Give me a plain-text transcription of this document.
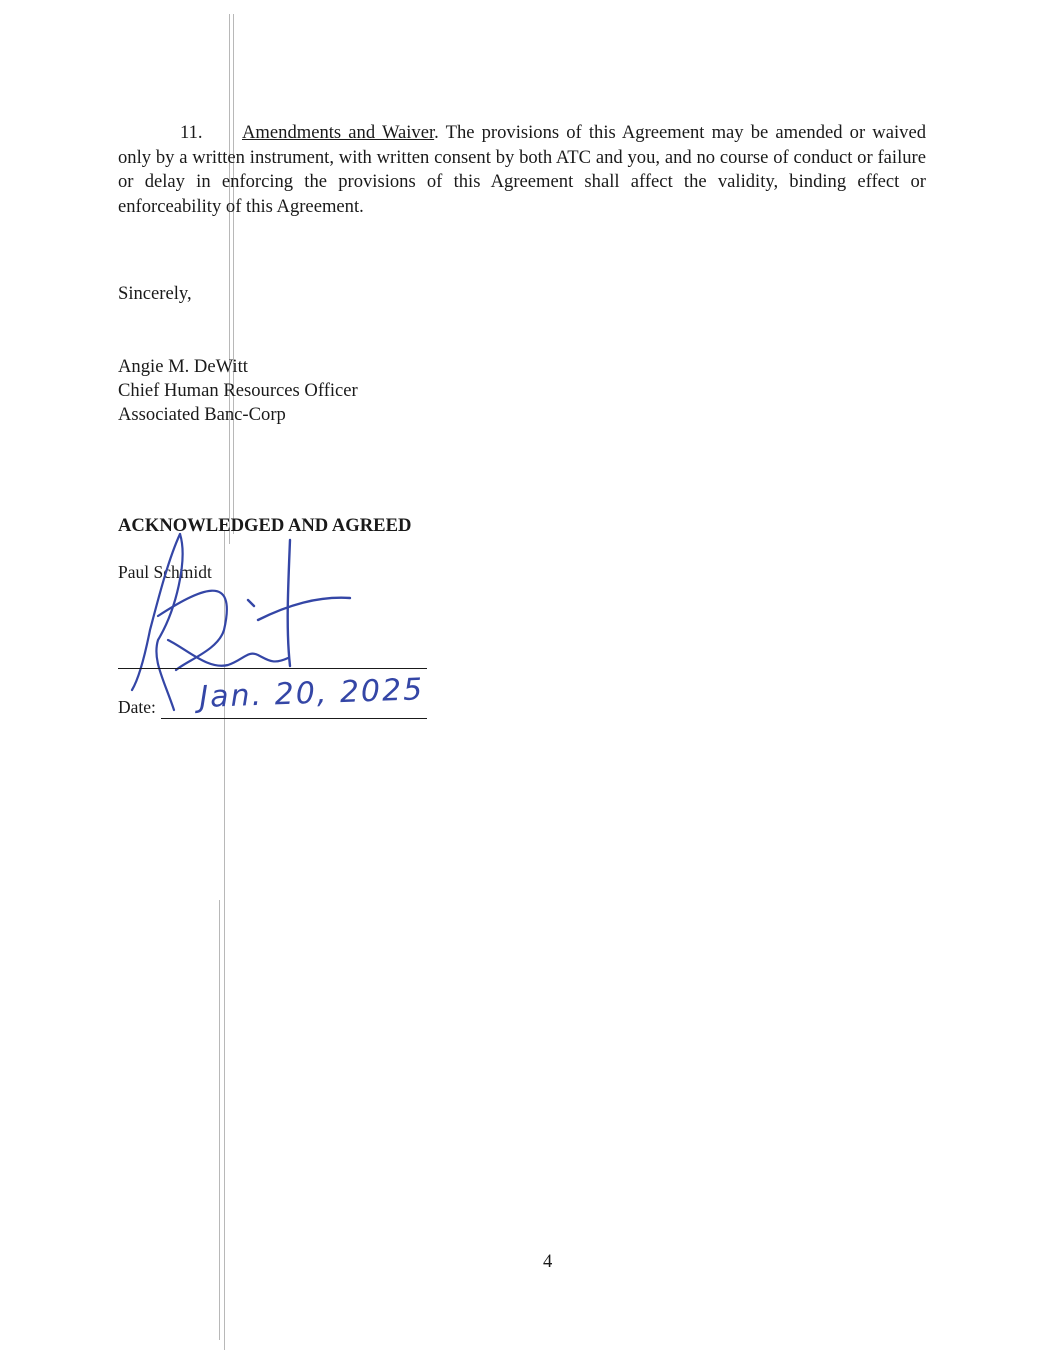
11. Amendments and Waiver. The provisions of this Agreement may be amended or waived only by a written instrument, with written consent by both ATC and you, and no course of conduct or failure or delay in enforcing the provisions of this Agreement shall affect the validity, binding effect or enforceability of this Agreement.

Sincerely,

Angie M. DeWitt
Chief Human Resources Officer
Associated Banc-Corp

ACKNOWLEDGED AND AGREED

Paul Schmidt
Date: Jan. 20, 2025
4
